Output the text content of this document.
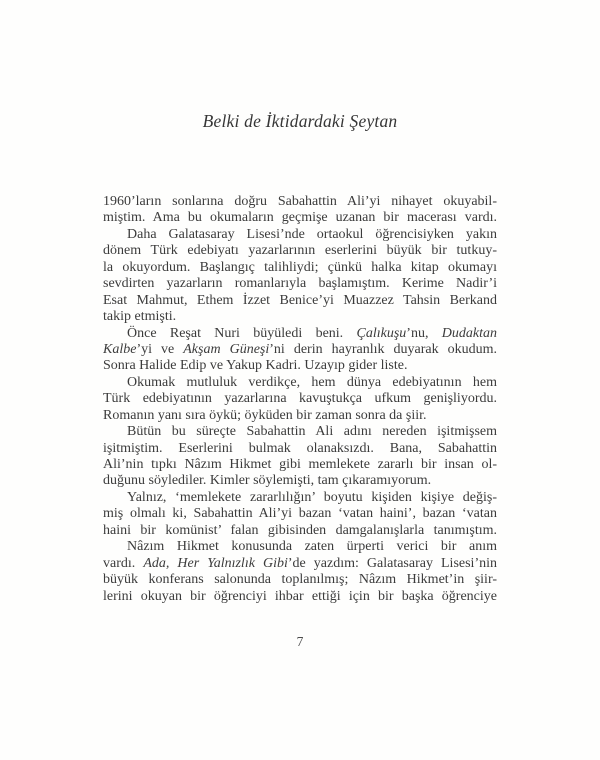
Belki de İktidardaki Şeytan
1960’ların sonlarına doğru Sabahattin Ali’yi nihayet okuyabil-
miştim. Ama bu okumaların geçmişe uzanan bir macerası vardı.
Daha Galatasaray Lisesi’nde ortaokul öğrencisiyken yakın
dönem Türk edebiyatı yazarlarının eserlerini büyük bir tutkuy-
la okuyordum. Başlangıç talihliydi; çünkü halka kitap okumayı
sevdirten yazarların romanlarıyla başlamıştım. Kerime Nadir’i
Esat Mahmut, Ethem İzzet Benice’yi Muazzez Tahsin Berkand
takip etmişti.
Önce Reşat Nuri büyüledi beni. Çalıkuşu’nu, Dudaktan
Kalbe’yi ve Akşam Güneşi’ni derin hayranlık duyarak okudum.
Sonra Halide Edip ve Yakup Kadri. Uzayıp gider liste.
Okumak mutluluk verdikçe, hem dünya edebiyatının hem
Türk edebiyatının yazarlarına kavuştukça ufkum genişliyordu.
Romanın yanı sıra öykü; öyküden bir zaman sonra da şiir.
Bütün bu süreçte Sabahattin Ali adını nereden işitmişsem
işitmiştim. Eserlerini bulmak olanaksızdı. Bana, Sabahattin
Ali’nin tıpkı Nâzım Hikmet gibi memlekete zararlı bir insan ol-
duğunu söylediler. Kimler söylemişti, tam çıkaramıyorum.
Yalnız, ‘memlekete zararlılığın’ boyutu kişiden kişiye değiş-
miş olmalı ki, Sabahattin Ali’yi bazan ‘vatan haini’, bazan ‘vatan
haini bir komünist’ falan gibisinden damgalanışlarla tanımıştım.
Nâzım Hikmet konusunda zaten ürperti verici bir anım
vardı. Ada, Her Yalnızlık Gibi’de yazdım: Galatasaray Lisesi’nin
büyük konferans salonunda toplanılmış; Nâzım Hikmet’in şiir-
lerini okuyan bir öğrenciyi ihbar ettiği için bir başka öğrenciye
7
